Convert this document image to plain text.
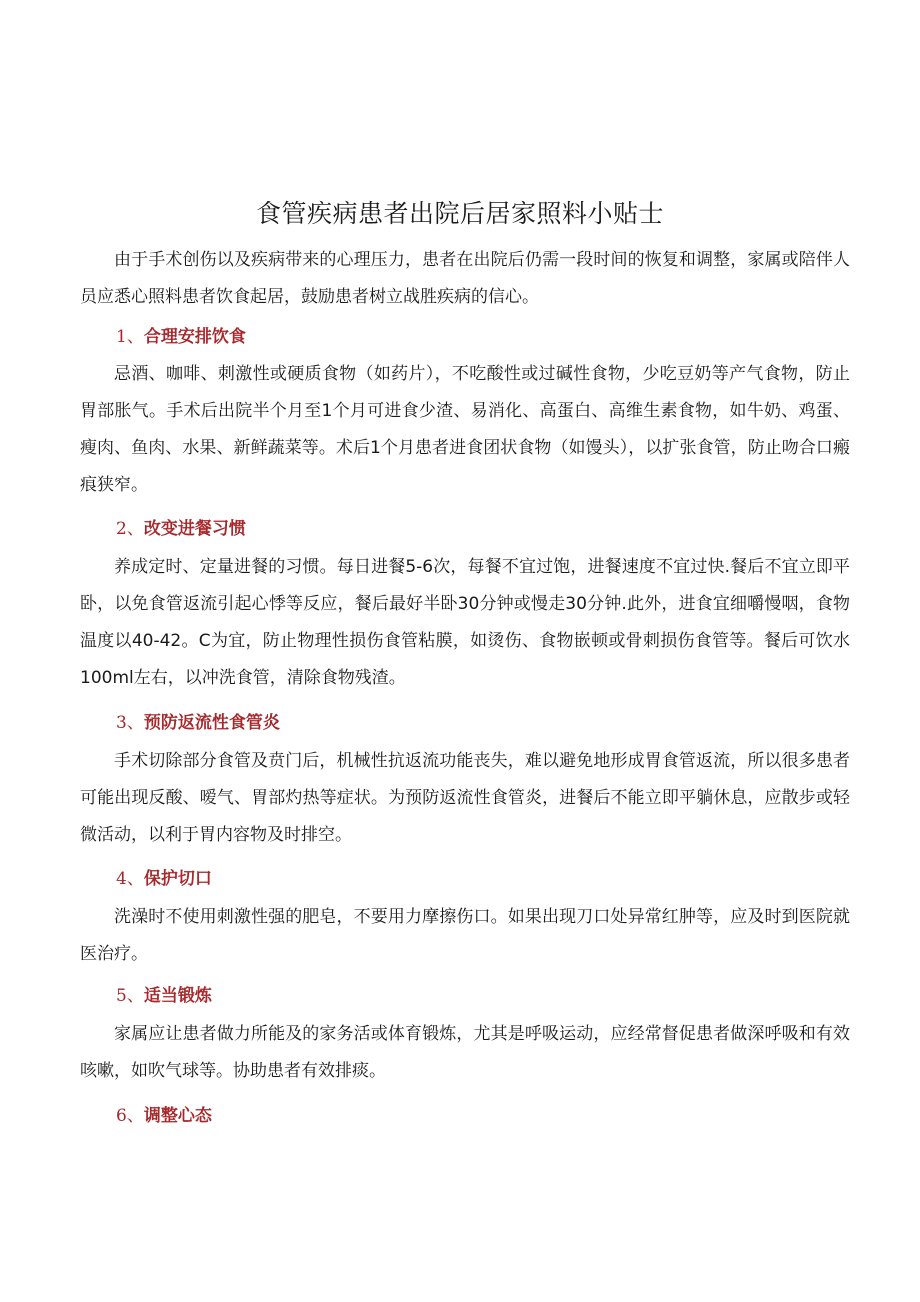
食管疾病患者出院后居家照料小贴士

由于手术创伤以及疾病带来的心理压力，患者在出院后仍需一段时间的恢复和调整，家属或陪伴人员应悉心照料患者饮食起居，鼓励患者树立战胜疾病的信心。

1、合理安排饮食

忌酒、咖啡、刺激性或硬质食物（如药片），不吃酸性或过碱性食物，少吃豆奶等产气食物，防止胃部胀气。手术后出院半个月至1个月可进食少渣、易消化、高蛋白、高维生素食物，如牛奶、鸡蛋、瘦肉、鱼肉、水果、新鲜蔬菜等。术后1个月患者进食团状食物（如馒头），以扩张食管，防止吻合口瘢痕狭窄。

2、改变进餐习惯

养成定时、定量进餐的习惯。每日进餐5-6次，每餐不宜过饱，进餐速度不宜过快.餐后不宜立即平卧，以免食管返流引起心悸等反应，餐后最好半卧30分钟或慢走30分钟.此外，进食宜细嚼慢咽，食物温度以40-42。C为宜，防止物理性损伤食管粘膜，如烫伤、食物嵌顿或骨刺损伤食管等。餐后可饮水100ml左右，以冲洗食管，清除食物残渣。

3、预防返流性食管炎

手术切除部分食管及贲门后，机械性抗返流功能丧失，难以避免地形成胃食管返流，所以很多患者可能出现反酸、嗳气、胃部灼热等症状。为预防返流性食管炎，进餐后不能立即平躺休息，应散步或轻微活动，以利于胃内容物及时排空。

4、保护切口

洗澡时不使用刺激性强的肥皂，不要用力摩擦伤口。如果出现刀口处异常红肿等，应及时到医院就医治疗。

5、适当锻炼

家属应让患者做力所能及的家务活或体育锻炼，尤其是呼吸运动，应经常督促患者做深呼吸和有效咳嗽，如吹气球等。协助患者有效排痰。

6、调整心态
